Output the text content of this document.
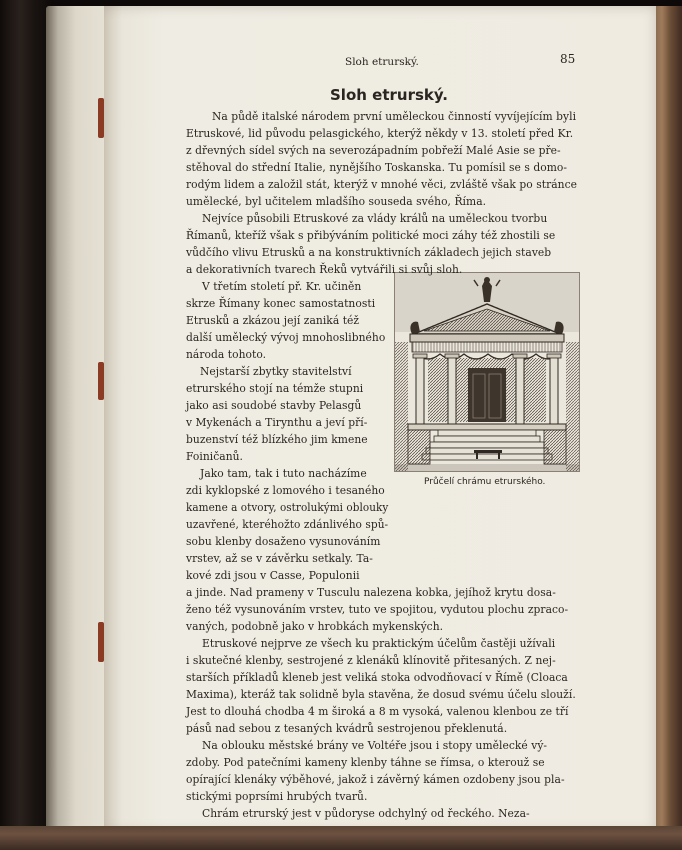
Sloh etrurský.	85
Sloh etrurský.
Průčelí chrámu etrurského.
Na půdě italské národem první uměleckou činností vyvíjejícím byli
Etruskové, lid původu pelasgického, kterýž někdy v 13. století před Kr.
z dřevných sídel svých na severozápadním pobřeží Malé Asie se pře-
stěhoval do střední Italie, nynějšího Toskanska. Tu pomísil se s domo-
rodým lidem a založil stát, kterýž v mnohé věci, zvláště však po stránce
umělecké, byl učitelem mladšího souseda svého, Říma.
Nejvíce působili Etruskové za vlády králů na uměleckou tvorbu
Římanů, kteříž však s přibýváním politické moci záhy též zhostili se
vůdčího vlivu Etrusků a na konstruktivních základech jejich staveb
a dekorativních tvarech Řeků vytvářili si svůj sloh.
V třetím století př. Kr. učiněn
skrze Římany konec samostatnosti
Etrusků a zkázou její zaniká též
další umělecký vývoj mnohoslibného
národa tohoto.
Nejstarší zbytky stavitelství
etrurského stojí na témže stupni
jako asi soudobé stavby Pelasgů
v Mykenách a Tirynthu a jeví pří-
buzenství též blízkého jim kmene
Foiničanů.
Jako tam, tak i tuto nacházíme
zdi kyklopské z lomového i tesaného
kamene a otvory, ostrolukými oblouky
uzavřené, kteréhožto zdánlivého spů-
sobu klenby dosaženo vysunováním
vrstev, až se v závěrku setkaly. Ta-
kové zdi jsou v Casse, Populonii
a jinde. Nad prameny v Tusculu nalezena kobka, jejíhož krytu dosa-
ženo též vysunováním vrstev, tuto ve spojitou, vydutou plochu zpraco-
vaných, podobně jako v hrobkách mykenských.
Etruskové nejprve ze všech ku praktickým účelům častěji užívali
i skutečné klenby, sestrojené z klenáků klínovitě přitesaných. Z nej-
starších příkladů kleneb jest veliká stoka odvodňovací v Římě (Cloaca
Maxima), kteráž tak solidně byla stavěna, že dosud svému účelu slouží.
Jest to dlouhá chodba 4 m široká a 8 m vysoká, valenou klenbou ze tří
pásů nad sebou z tesaných kvádrů sestrojenou překlenutá.
Na oblouku městské brány ve Voltéře jsou i stopy umělecké vý-
zdoby. Pod patečními kameny klenby táhne se římsa, o kterouž se
opírající klenáky výběhové, jakož i závěrný kámen ozdobeny jsou pla-
stickými poprsími hrubých tvarů.
Chrám etrurský jest v půdoryse odchylný od řeckého. Neza-
